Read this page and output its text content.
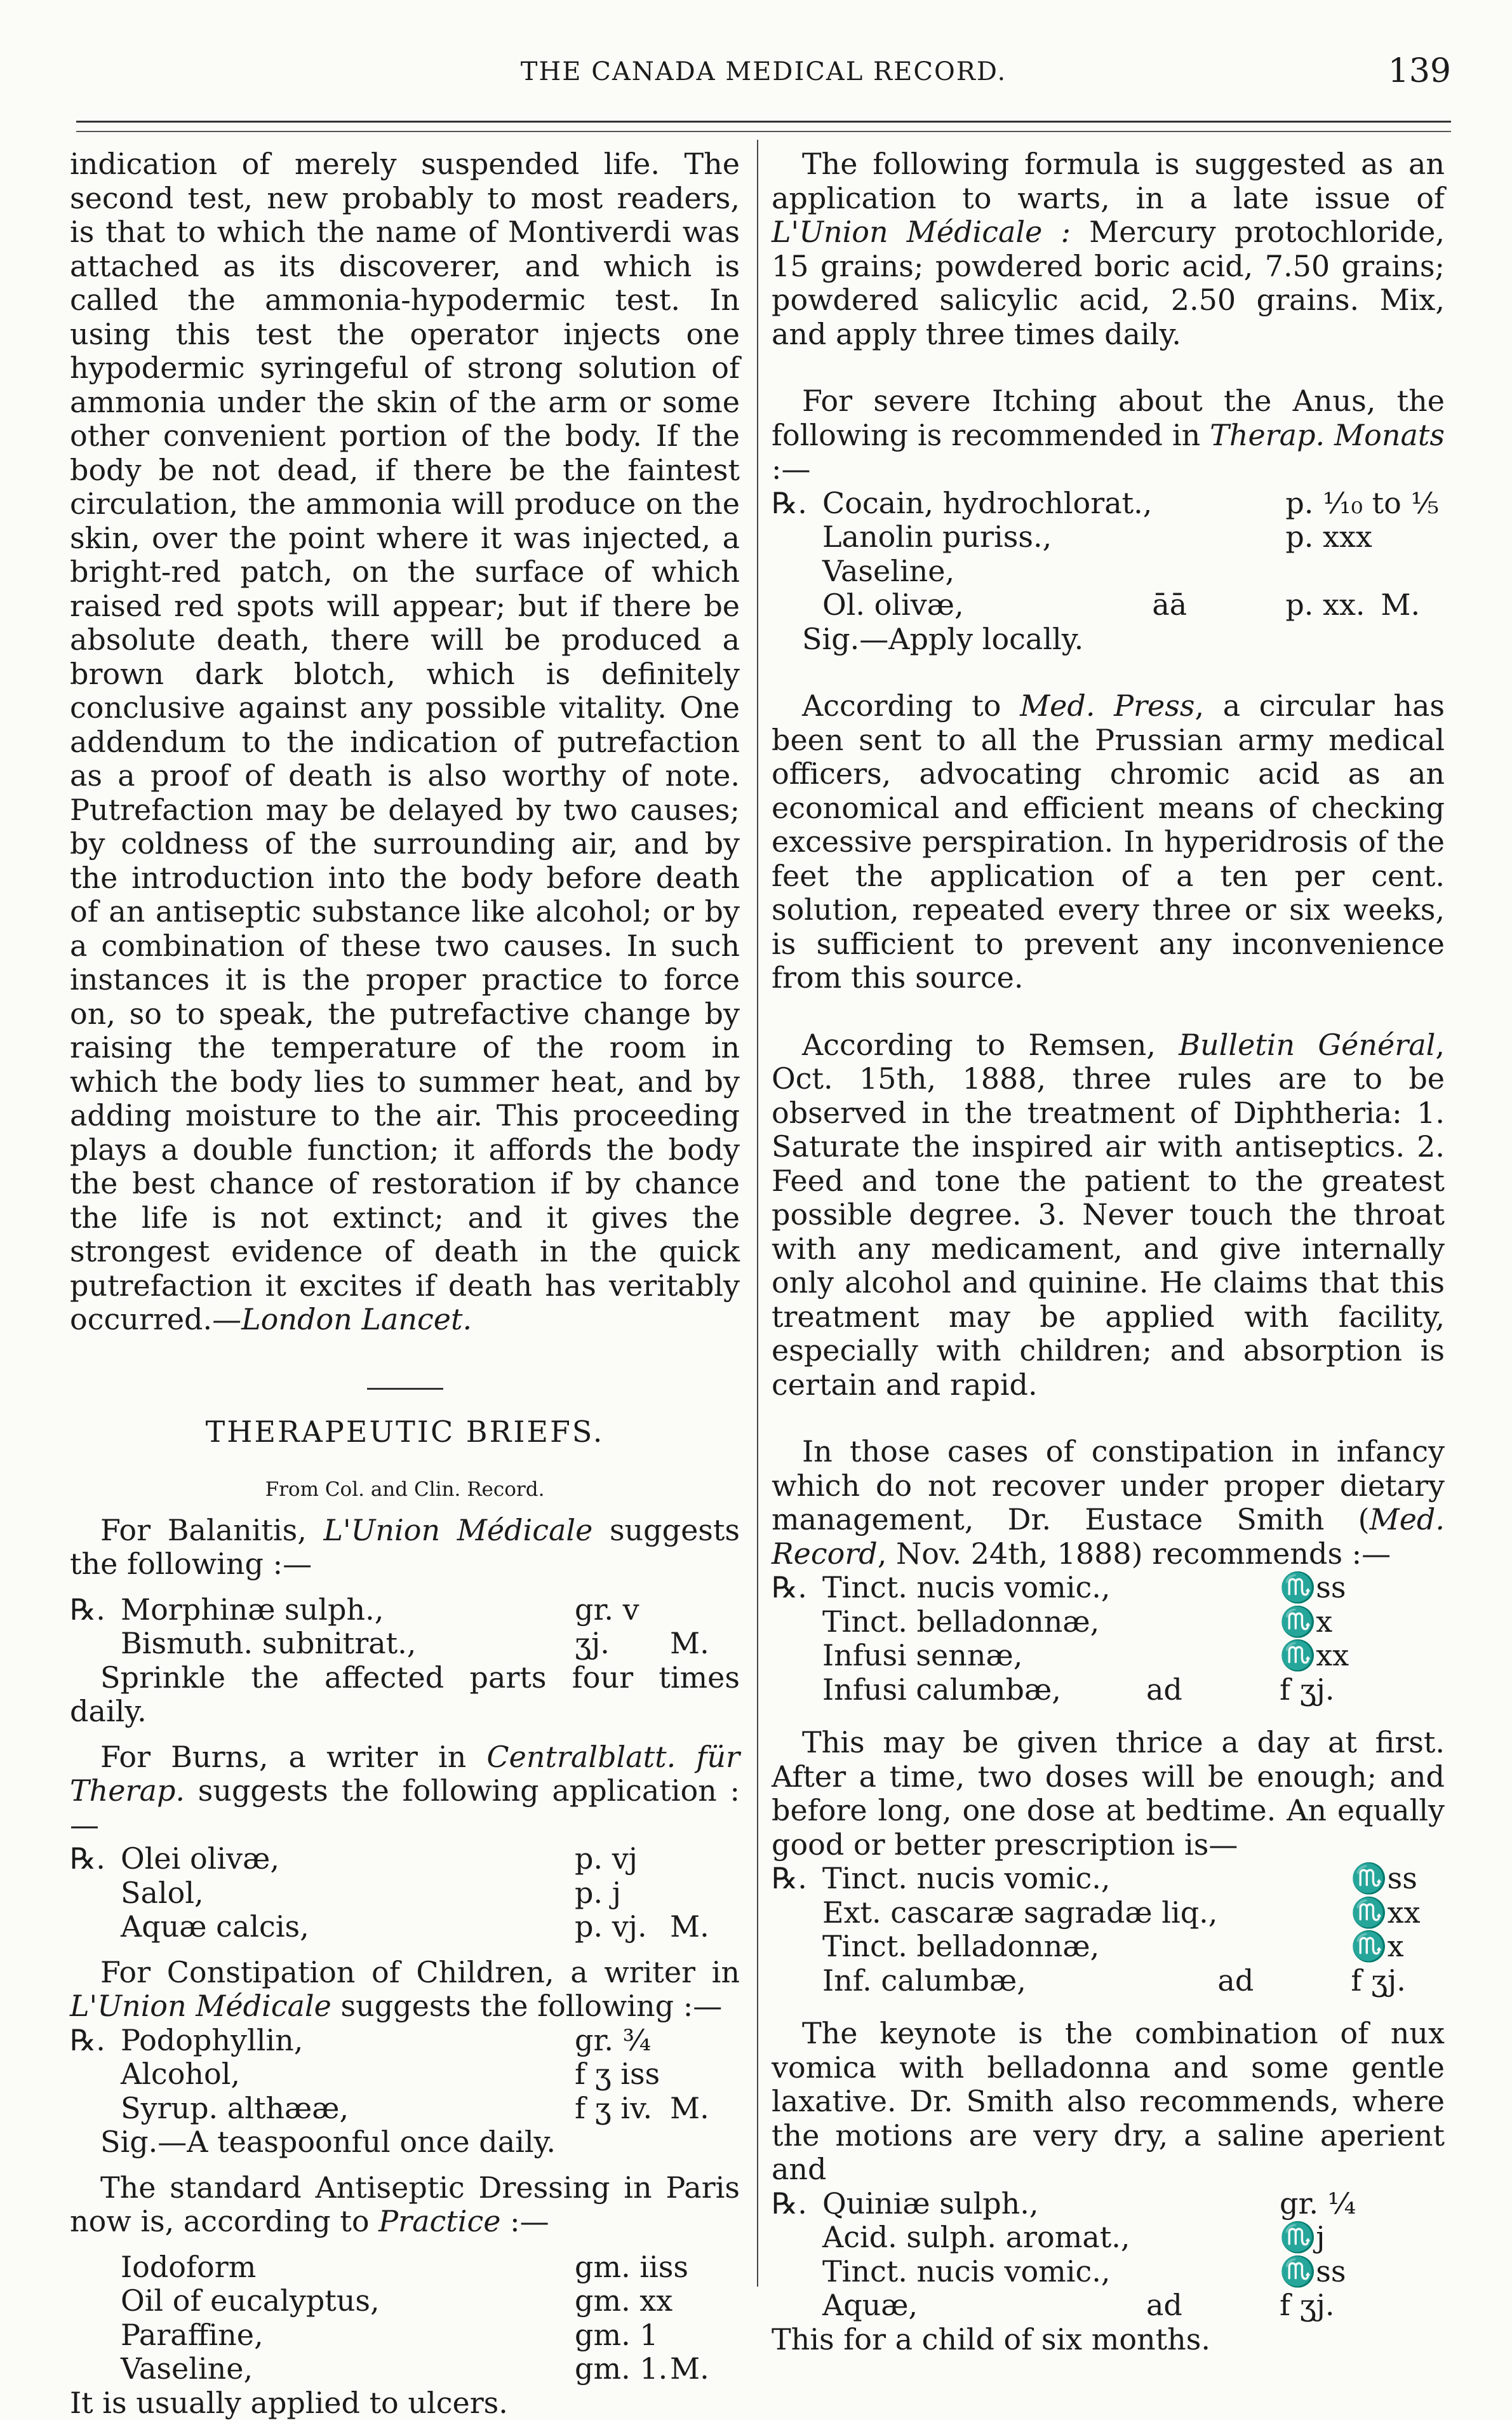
THE CANADA MEDICAL RECORD.	139

indication of merely suspended life. The second test, new probably to most readers, is that to which the name of Montiverdi was attached as its discoverer, and which is called the ammonia-hypodermic test. In using this test the operator injects one hypodermic syringeful of strong solution of ammonia under the skin of the arm or some other convenient portion of the body. If the body be not dead, if there be the faintest circulation, the ammonia will produce on the skin, over the point where it was injected, a bright-red patch, on the surface of which raised red spots will appear; but if there be absolute death, there will be produced a brown dark blotch, which is definitely conclusive against any possible vitality. One addendum to the indication of putrefaction as a proof of death is also worthy of note. Putrefaction may be delayed by two causes; by coldness of the surrounding air, and by the introduction into the body before death of an antiseptic substance like alcohol; or by a combination of these two causes. In such instances it is the proper practice to force on, so to speak, the putrefactive change by raising the temperature of the room in which the body lies to summer heat, and by adding moisture to the air. This proceeding plays a double function; it affords the body the best chance of restoration if by chance the life is not extinct; and it gives the strongest evidence of death in the quick putrefaction it excites if death has veritably occurred.—London Lancet.

THERAPEUTIC BRIEFS.
From Col. and Clin. Record.

For Balanitis, L'Union Médicale suggests the following :—

℞. Morphinæ sulph.,	gr. v
Bismuth. subnitrat.,	ʒj.	M.

Sprinkle the affected parts four times daily.

For Burns, a writer in Centralblatt. für Therap. suggests the following application :—

℞. Olei olivæ,	p. vj
Salol,	p. j
Aquæ calcis,	p. vj. M.

For Constipation of Children, a writer in L'Union Médicale suggests the following :—

℞. Podophyllin,	gr. ¾
Alcohol,	f ʒ iss
Syrup. althææ,	f ʒ iv. M.

Sig.—A teaspoonful once daily.

The standard Antiseptic Dressing in Paris now is, according to Practice :—

Iodoform	gm. iiss
Oil of eucalyptus,	gm. xx
Paraffine,	gm. 1
Vaseline,	gm. 1. M.

It is usually applied to ulcers.

The following formula is suggested as an application to warts, in a late issue of L'Union Médicale : Mercury protochloride, 15 grains; powdered boric acid, 7.50 grains; powdered salicylic acid, 2.50 grains. Mix, and apply three times daily.

For severe Itching about the Anus, the following is recommended in Therap. Monats :—

℞. Cocain, hydrochlorat.,	p. ⅒ to ⅕
Lanolin puriss.,	p. xxx
Vaseline,
Ol. olivæ,	āā	p. xx. M.

Sig.—Apply locally.

According to Med. Press, a circular has been sent to all the Prussian army medical officers, advocating chromic acid as an economical and efficient means of checking excessive perspiration. In hyperidrosis of the feet the application of a ten per cent. solution, repeated every three or six weeks, is sufficient to prevent any inconvenience from this source.

According to Remsen, Bulletin Général, Oct. 15th, 1888, three rules are to be observed in the treatment of Diphtheria: 1. Saturate the inspired air with antiseptics. 2. Feed and tone the patient to the greatest possible degree. 3. Never touch the throat with any medicament, and give internally only alcohol and quinine. He claims that this treatment may be applied with facility, especially with children; and absorption is certain and rapid.

In those cases of constipation in infancy which do not recover under proper dietary management, Dr. Eustace Smith (Med. Record, Nov. 24th, 1888) recommends :—

℞. Tinct. nucis vomic.,	♏ss
Tinct. belladonnæ,	♏x
Infusi sennæ,	♏xx
Infusi calumbæ,	ad	f ʒj.

This may be given thrice a day at first. After a time, two doses will be enough; and before long, one dose at bedtime. An equally good or better prescription is—

℞. Tinct. nucis vomic.,	♏ss
Ext. cascaræ sagradæ liq.,	♏xx
Tinct. belladonnæ,	♏x
Inf. calumbæ,	ad	f ʒj.

The keynote is the combination of nux vomica with belladonna and some gentle laxative. Dr. Smith also recommends, where the motions are very dry, a saline aperient and

℞. Quiniæ sulph.,	gr. ¼
Acid. sulph. aromat.,	♏j
Tinct. nucis vomic.,	♏ss
Aquæ,	ad	f ʒj.

This for a child of six months.
